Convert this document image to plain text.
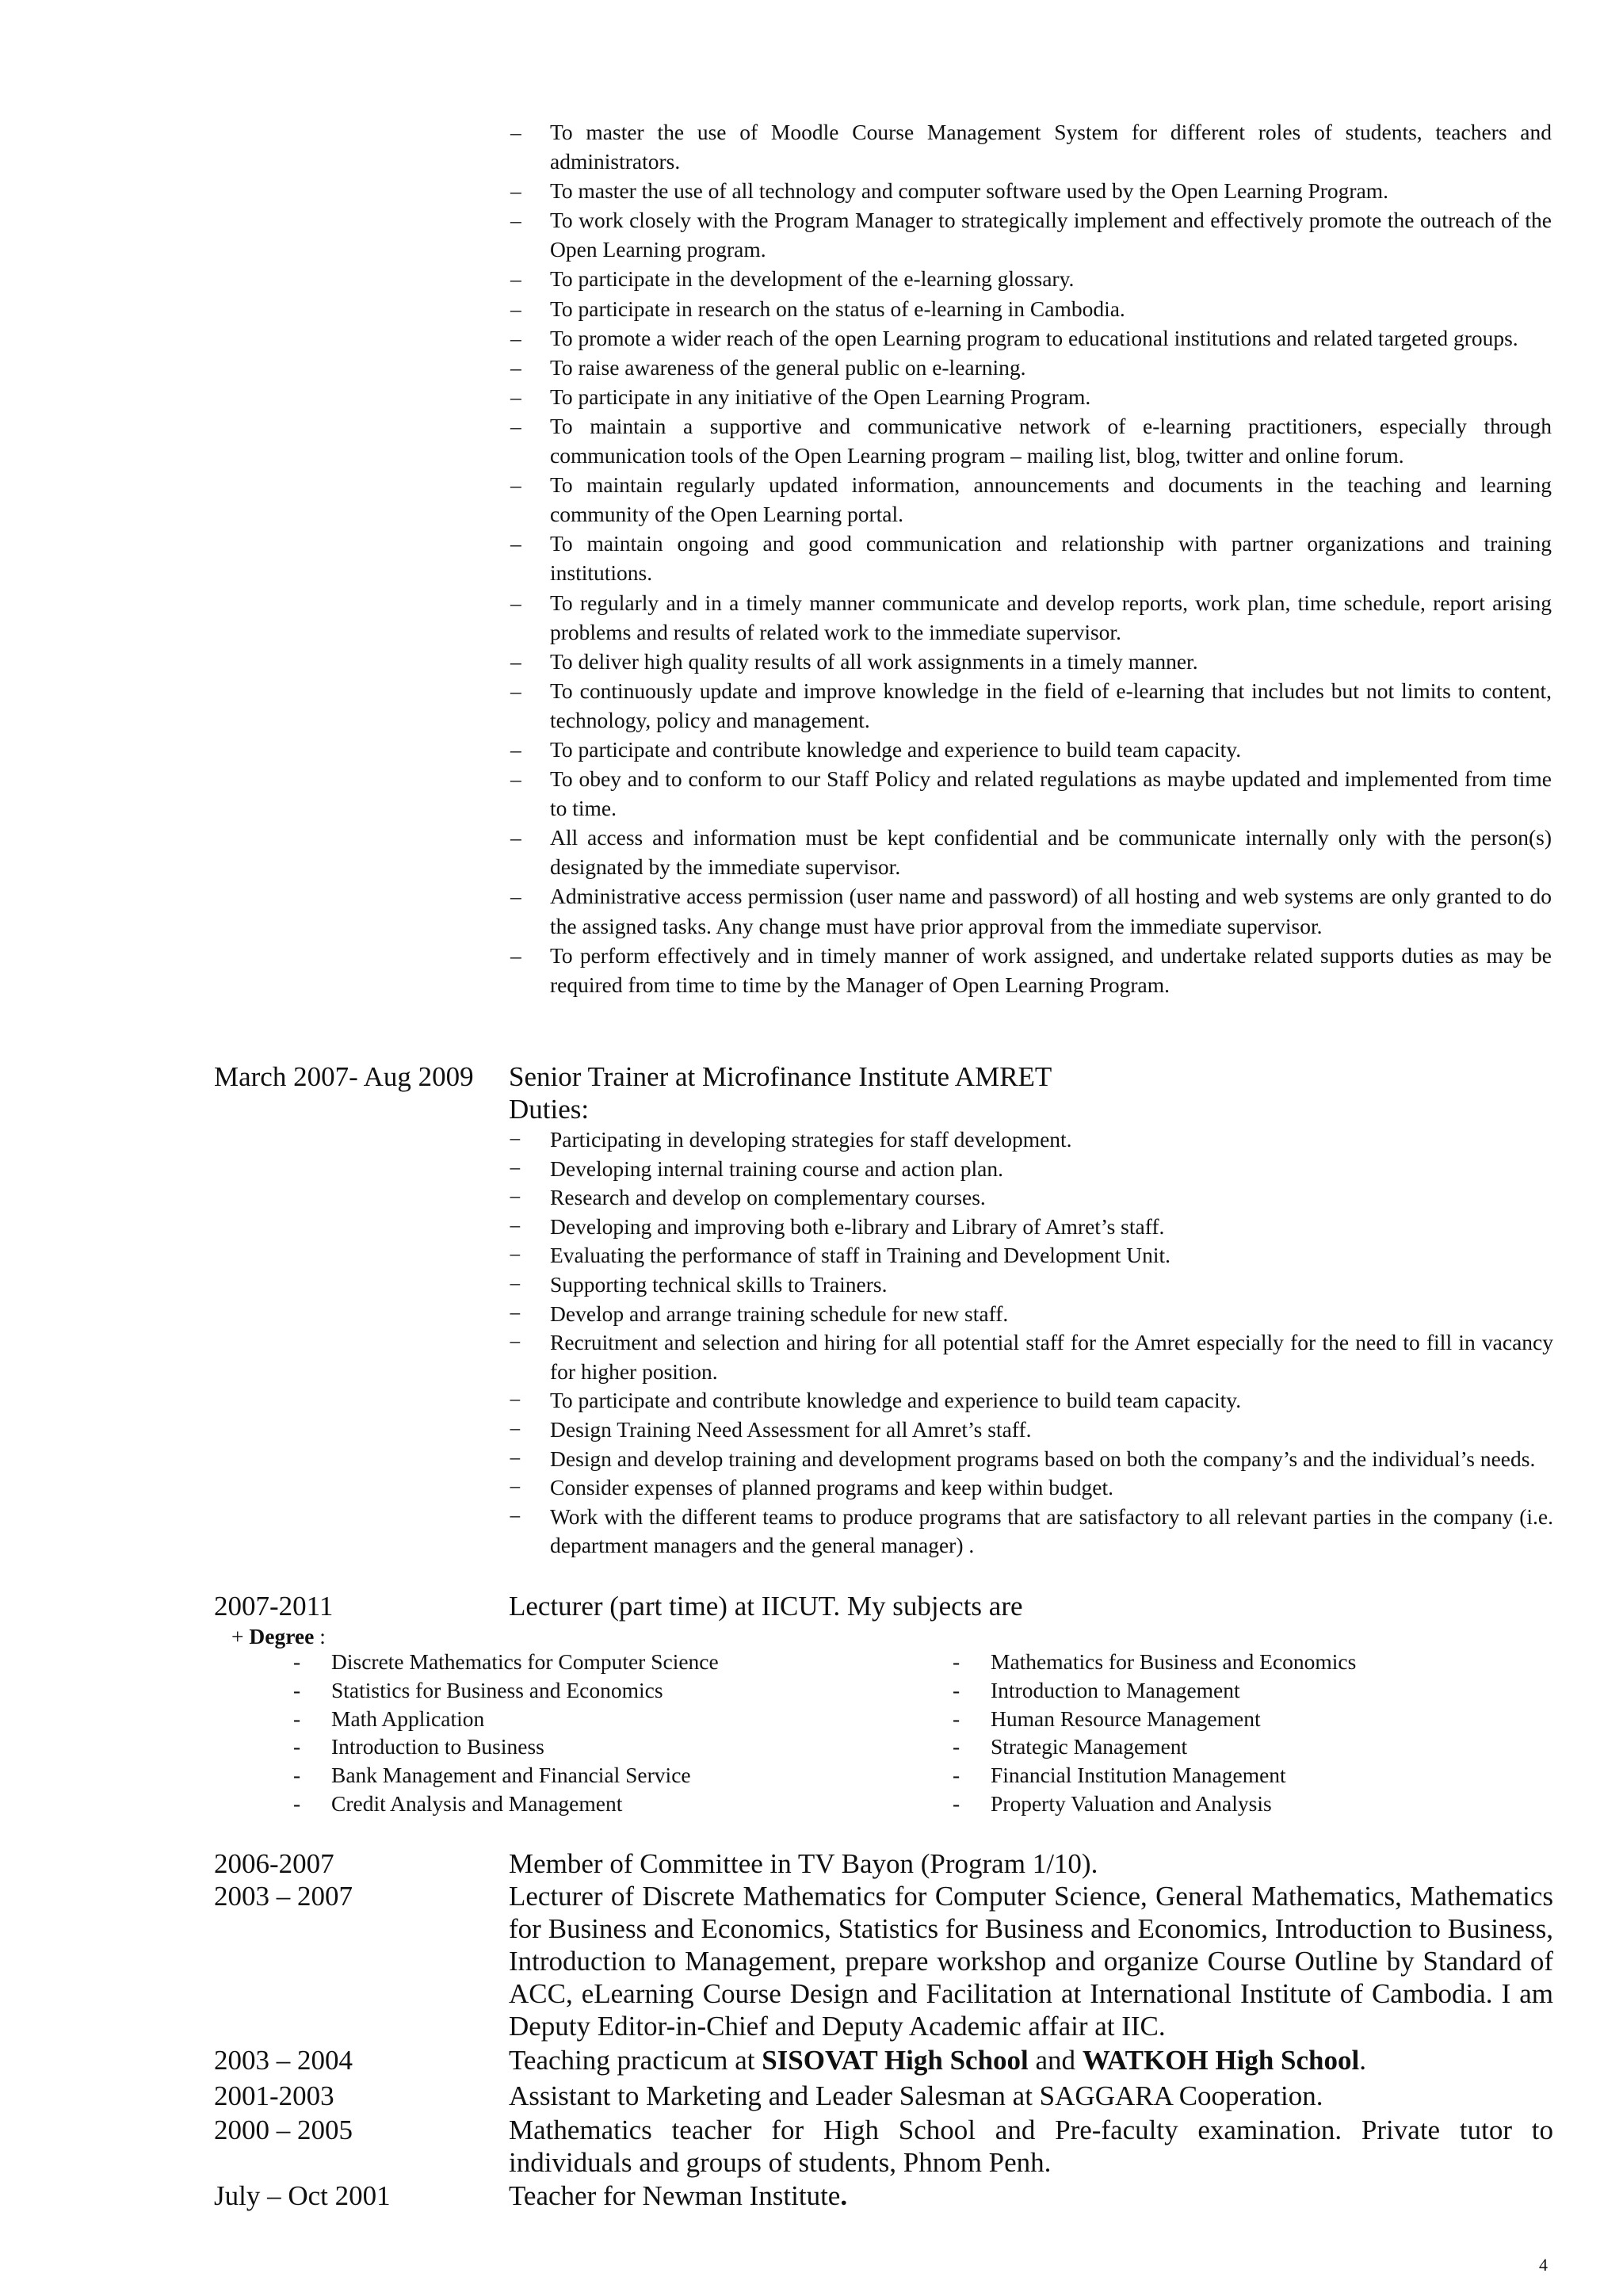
– To master the use of Moodle Course Management System for different roles of students, teachers and administrators.
– To master the use of all technology and computer software used by the Open Learning Program.
– To work closely with the Program Manager to strategically implement and effectively promote the outreach of the Open Learning program.
– To participate in the development of the e-learning glossary.
– To participate in research on the status of e-learning in Cambodia.
– To promote a wider reach of the open Learning program to educational institutions and related targeted groups.
– To raise awareness of the general public on e-learning.
– To participate in any initiative of the Open Learning Program.
– To maintain a supportive and communicative network of e-learning practitioners, especially through communication tools of the Open Learning program – mailing list, blog, twitter and online forum.
– To maintain regularly updated information, announcements and documents in the teaching and learning community of the Open Learning portal.
– To maintain ongoing and good communication and relationship with partner organizations and training institutions.
– To regularly and in a timely manner communicate and develop reports, work plan, time schedule, report arising problems and results of related work to the immediate supervisor.
– To deliver high quality results of all work assignments in a timely manner.
– To continuously update and improve knowledge in the field of e-learning that includes but not limits to content, technology, policy and management.
– To participate and contribute knowledge and experience to build team capacity.
– To obey and to conform to our Staff Policy and related regulations as maybe updated and implemented from time to time.
– All access and information must be kept confidential and be communicate internally only with the person(s) designated by the immediate supervisor.
– Administrative access permission (user name and password) of all hosting and web systems are only granted to do the assigned tasks. Any change must have prior approval from the immediate supervisor.
– To perform effectively and in timely manner of work assigned, and undertake related supports duties as may be required from time to time by the Manager of Open Learning Program.
March 2007- Aug 2009	Senior Trainer at Microfinance Institute AMRET
Duties:
− Participating in developing strategies for staff development.
− Developing internal training course and action plan.
− Research and develop on complementary courses.
− Developing and improving both e-library and Library of Amret’s staff.
− Evaluating the performance of staff in Training and Development Unit.
− Supporting technical skills to Trainers.
− Develop and arrange training schedule for new staff.
− Recruitment and selection and hiring for all potential staff for the Amret especially for the need to fill in vacancy for higher position.
− To participate and contribute knowledge and experience to build team capacity.
− Design Training Need Assessment for all Amret’s staff.
− Design and develop training and development programs based on both the company’s and the individual’s needs.
− Consider expenses of planned programs and keep within budget.
− Work with the different teams to produce programs that are satisfactory to all relevant parties in the company (i.e. department managers and the general manager) .
2007-2011	Lecturer (part time) at IICUT. My subjects are
+ Degree :
- Discrete Mathematics for Computer Science
- Statistics for Business and Economics
- Math Application
- Introduction to Business
- Bank Management and Financial Service
- Credit Analysis and Management
- Mathematics for Business and Economics
- Introduction to Management
- Human Resource Management
- Strategic Management
- Financial Institution Management
- Property Valuation and Analysis
2006-2007	Member of Committee in TV Bayon (Program 1/10).
2003 – 2007	Lecturer of Discrete Mathematics for Computer Science, General Mathematics, Mathematics for Business and Economics, Statistics for Business and Economics, Introduction to Business, Introduction to Management, prepare workshop and organize Course Outline by Standard of ACC, eLearning Course Design and Facilitation at International Institute of Cambodia. I am Deputy Editor-in-Chief and Deputy Academic affair at IIC.
2003 – 2004	Teaching practicum at SISOVAT High School and WATKOH High School.
2001-2003	Assistant to Marketing and Leader Salesman at SAGGARA Cooperation.
2000 – 2005	Mathematics teacher for High School and Pre-faculty examination. Private tutor to individuals and groups of students, Phnom Penh.
July – Oct 2001	Teacher for Newman Institute.
4
